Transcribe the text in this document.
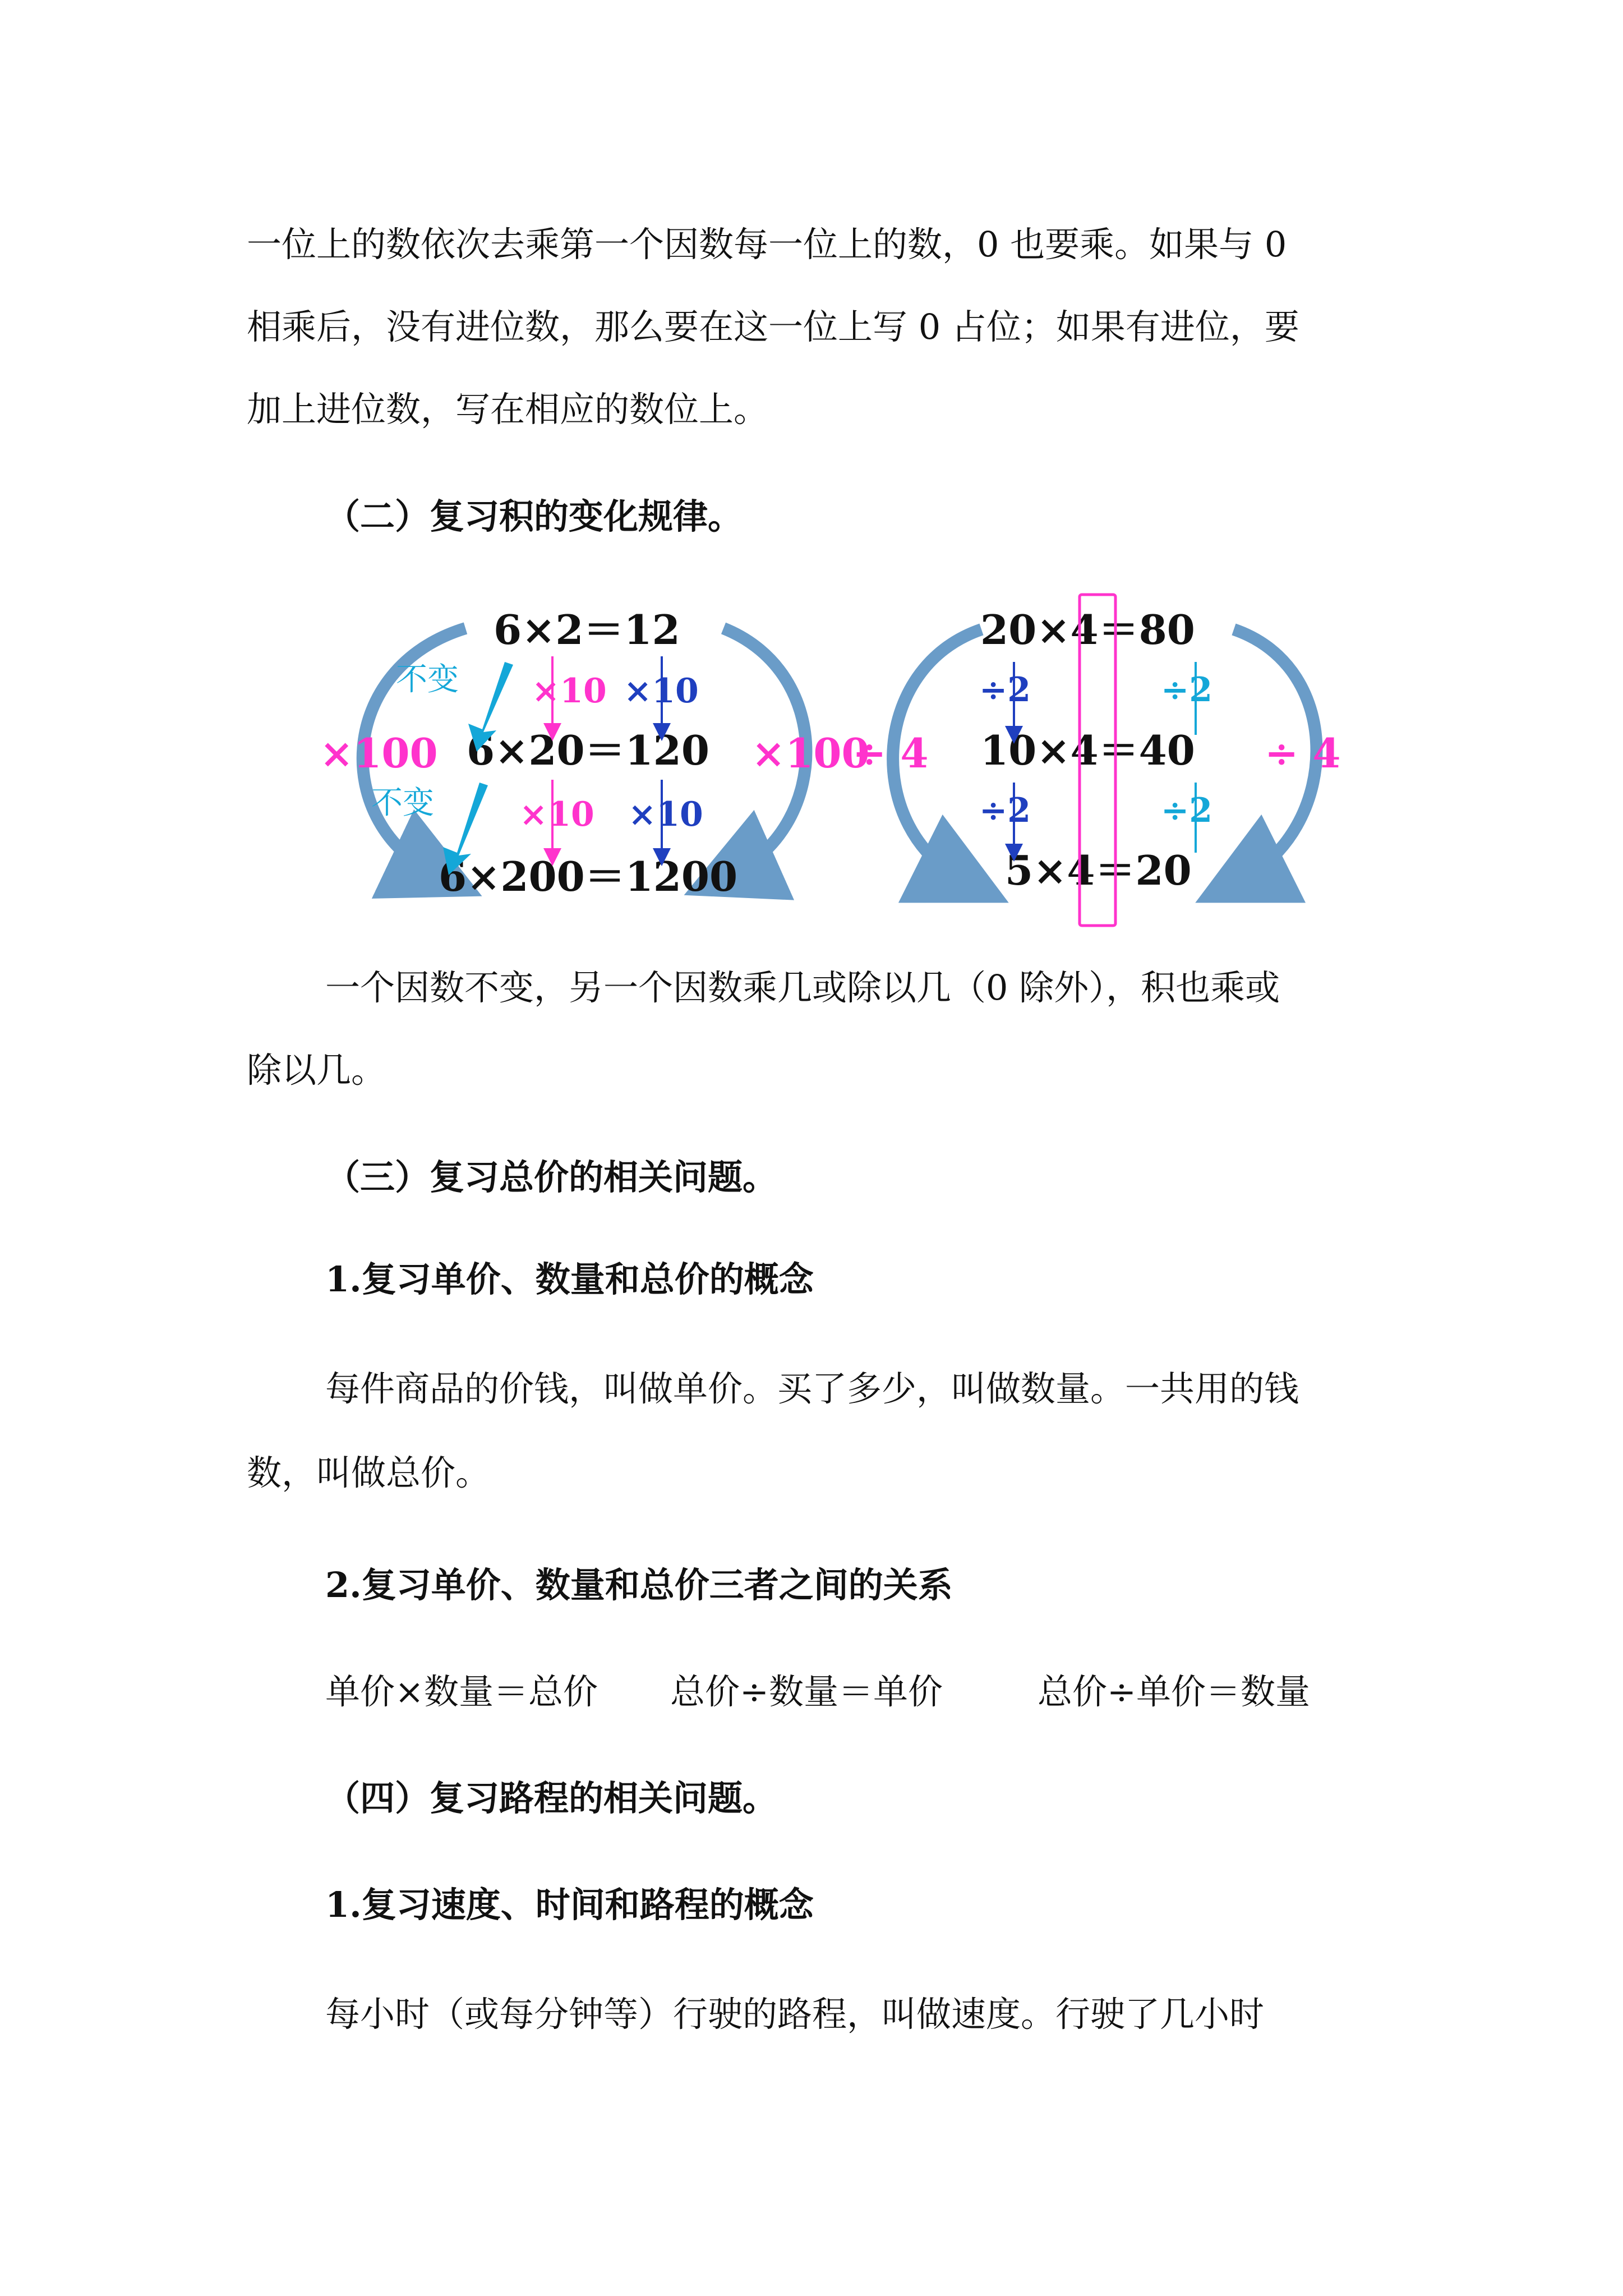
一位上的数依次去乘第一个因数每一位上的数，0 也要乘。如果与 0
相乘后，没有进位数，那么要在这一位上写 0 占位；如果有进位，要
加上进位数，写在相应的数位上。
（二）复习积的变化规律。
6×2＝12
6×20＝120
6×200＝1200
不变
不变
×10 ×10
×10 ×10
×100	×100
20×4＝80
10×4＝40
5×4＝20
÷2	÷2
÷2	÷2
÷ 4	÷ 4
一个因数不变，另一个因数乘几或除以几（0 除外），积也乘或
除以几。
（三）复习总价的相关问题。
1.复习单价、数量和总价的概念
每件商品的价钱，叫做单价。买了多少，叫做数量。一共用的钱
数，叫做总价。
2.复习单价、数量和总价三者之间的关系
单价×数量＝总价 总价÷数量＝单价	总价÷单价＝数量
（四）复习路程的相关问题。
1.复习速度、时间和路程的概念
每小时（或每分钟等）行驶的路程，叫做速度。行驶了几小时
